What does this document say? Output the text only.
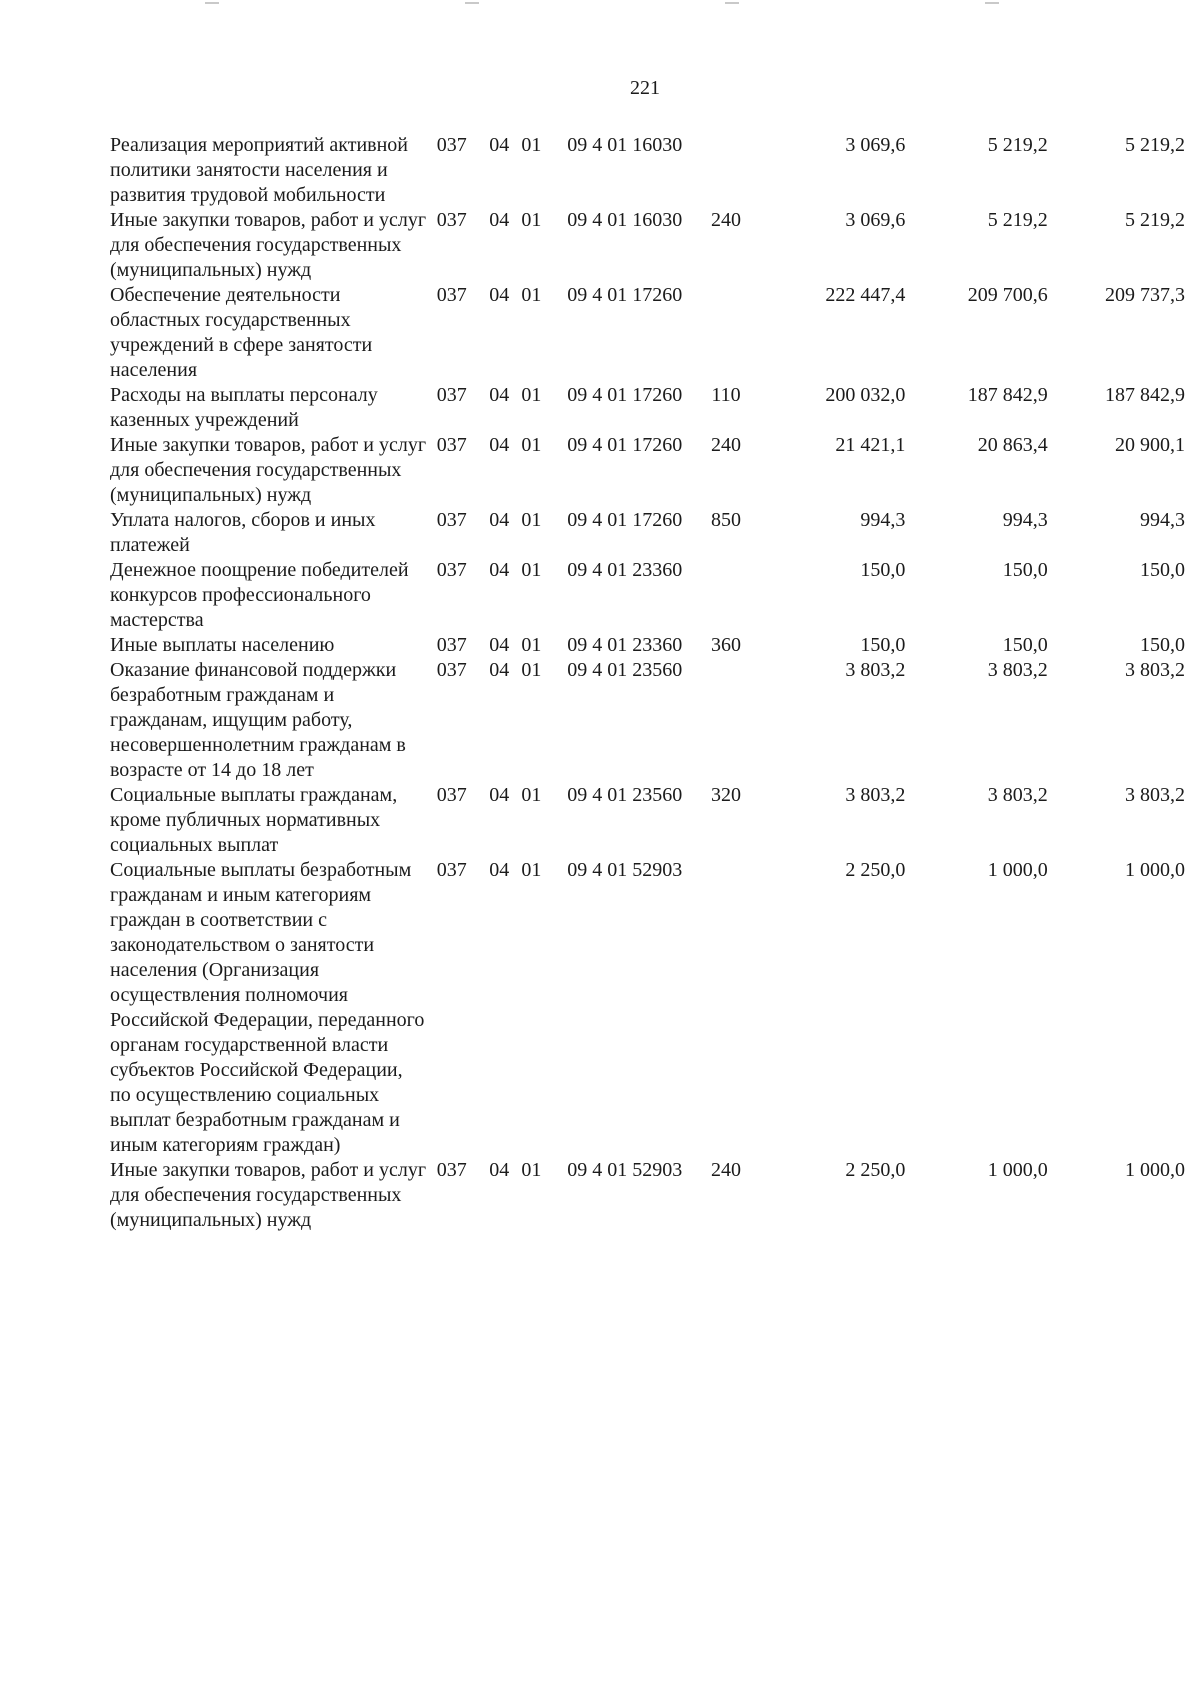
221
Реализация мероприятий активной политики занятости населения и развития трудовой мобильности	037	04	01	09 4 01 16030		3 069,6	5 219,2	5 219,2
Иные закупки товаров, работ и услуг для обеспечения государственных (муниципальных) нужд	037	04	01	09 4 01 16030	240	3 069,6	5 219,2	5 219,2
Обеспечение деятельности областных государственных учреждений в сфере занятости населения	037	04	01	09 4 01 17260		222 447,4	209 700,6	209 737,3
Расходы на выплаты персоналу казенных учреждений	037	04	01	09 4 01 17260	110	200 032,0	187 842,9	187 842,9
Иные закупки товаров, работ и услуг для обеспечения государственных (муниципальных) нужд	037	04	01	09 4 01 17260	240	21 421,1	20 863,4	20 900,1
Уплата налогов, сборов и иных платежей	037	04	01	09 4 01 17260	850	994,3	994,3	994,3
Денежное поощрение победителей конкурсов профессионального мастерства	037	04	01	09 4 01 23360		150,0	150,0	150,0
Иные выплаты населению	037	04	01	09 4 01 23360	360	150,0	150,0	150,0
Оказание финансовой поддержки безработным гражданам и гражданам, ищущим работу, несовершеннолетним гражданам в возрасте от 14 до 18 лет	037	04	01	09 4 01 23560		3 803,2	3 803,2	3 803,2
Социальные выплаты гражданам, кроме публичных нормативных социальных выплат	037	04	01	09 4 01 23560	320	3 803,2	3 803,2	3 803,2
Социальные выплаты безработным гражданам и иным категориям граждан в соответствии с законодательством о занятости населения (Организация осуществления полномочия Российской Федерации, переданного органам государственной власти субъектов Российской Федерации, по осуществлению социальных выплат безработным гражданам и иным категориям граждан)	037	04	01	09 4 01 52903		2 250,0	1 000,0	1 000,0
Иные закупки товаров, работ и услуг для обеспечения государственных (муниципальных) нужд	037	04	01	09 4 01 52903	240	2 250,0	1 000,0	1 000,0
